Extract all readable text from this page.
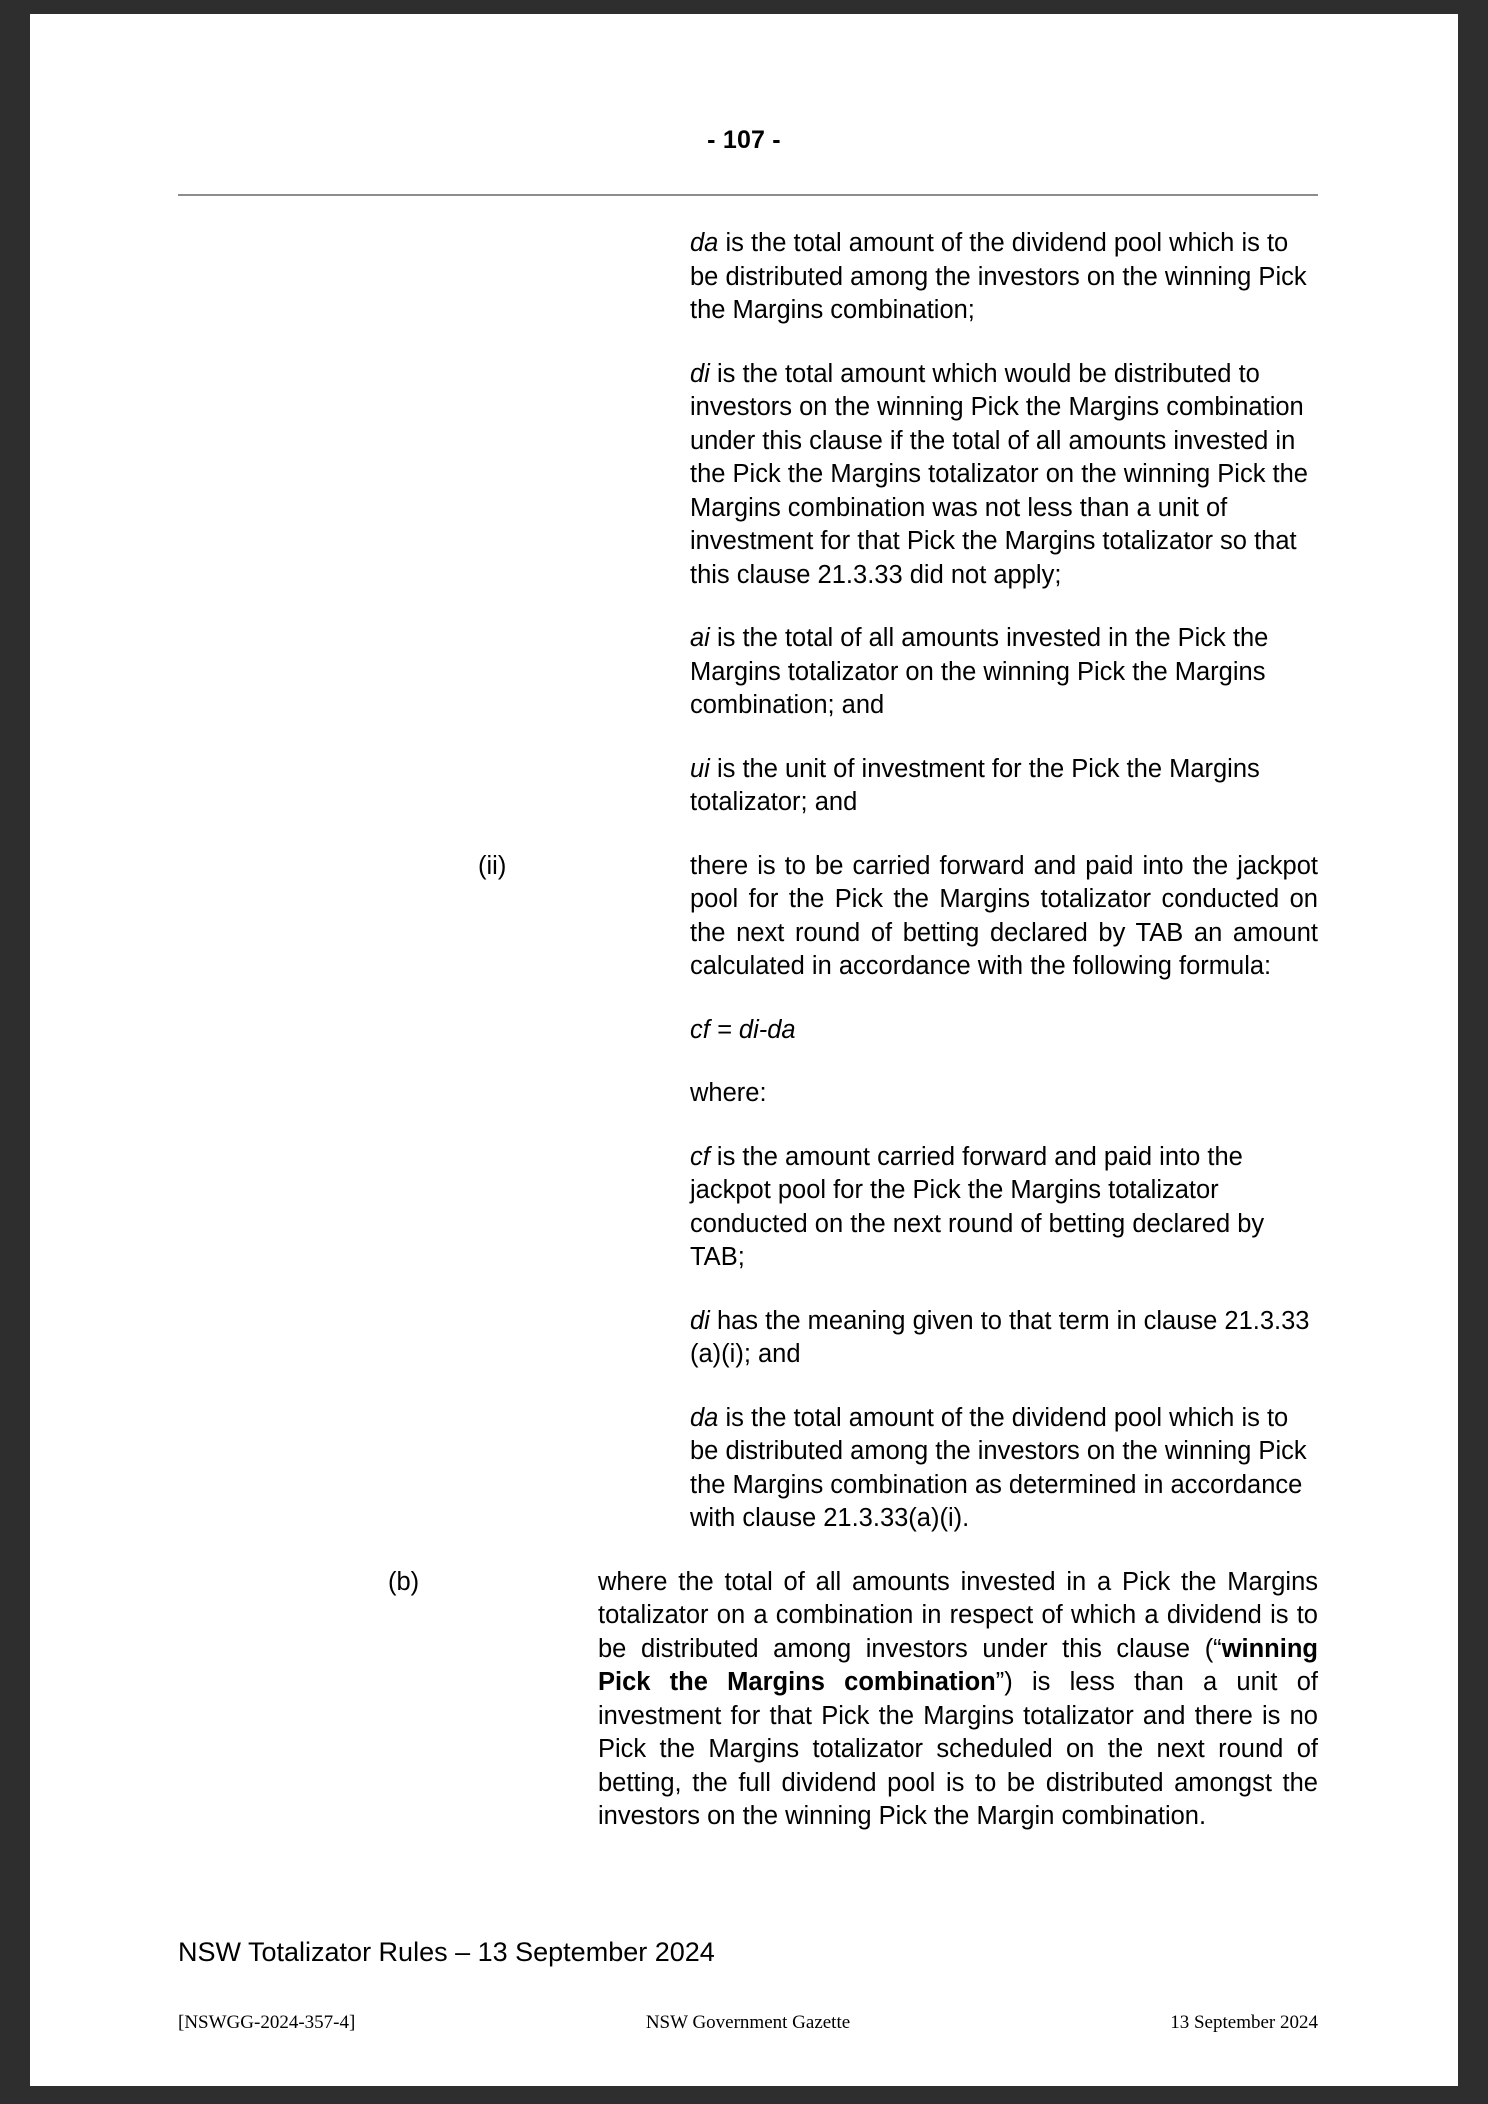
- 107 -

da is the total amount of the dividend pool which is to be distributed among the investors on the winning Pick the Margins combination;

di is the total amount which would be distributed to investors on the winning Pick the Margins combination under this clause if the total of all amounts invested in the Pick the Margins totalizator on the winning Pick the Margins combination was not less than a unit of investment for that Pick the Margins totalizator so that this clause 21.3.33 did not apply;

ai is the total of all amounts invested in the Pick the Margins totalizator on the winning Pick the Margins combination; and

ui is the unit of investment for the Pick the Margins totalizator; and

(ii)	there is to be carried forward and paid into the jackpot pool for the Pick the Margins totalizator conducted on the next round of betting declared by TAB an amount calculated in accordance with the following formula:

cf = di-da

where:

cf is the amount carried forward and paid into the jackpot pool for the Pick the Margins totalizator conducted on the next round of betting declared by TAB;

di has the meaning given to that term in clause 21.3.33 (a)(i); and

da is the total amount of the dividend pool which is to be distributed among the investors on the winning Pick the Margins combination as determined in accordance with clause 21.3.33(a)(i).

(b)	where the total of all amounts invested in a Pick the Margins totalizator on a combination in respect of which a dividend is to be distributed among investors under this clause (“winning Pick the Margins combination”) is less than a unit of investment for that Pick the Margins totalizator and there is no Pick the Margins totalizator scheduled on the next round of betting, the full dividend pool is to be distributed amongst the investors on the winning Pick the Margin combination.
NSW Totalizator Rules – 13 September 2024
[NSWGG-2024-357-4]	NSW Government Gazette	13 September 2024
